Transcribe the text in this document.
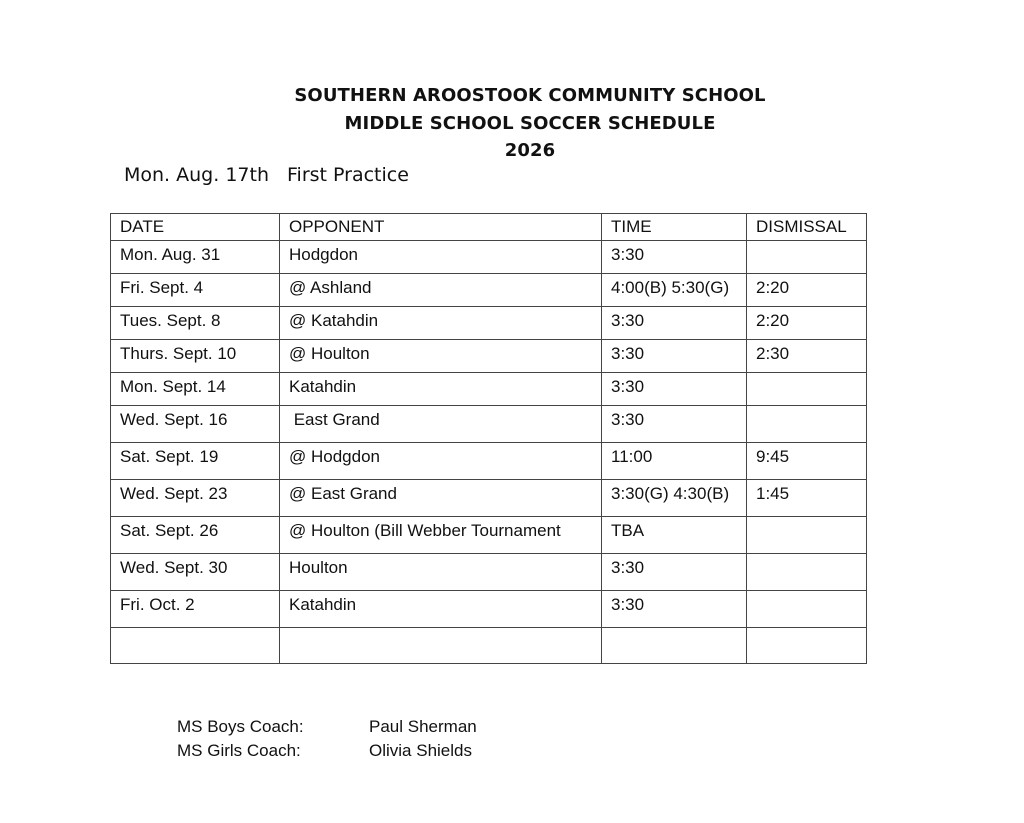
SOUTHERN AROOSTOOK COMMUNITY SCHOOL
MIDDLE SCHOOL SOCCER SCHEDULE
2026
Mon. Aug. 17th First Practice
DATE	OPPONENT	TIME	DISMISSAL
Mon. Aug. 31	Hodgdon	3:30	
Fri. Sept. 4	@ Ashland	4:00(B) 5:30(G)	2:20
Tues. Sept. 8	@ Katahdin	3:30	2:20
Thurs. Sept. 10	@ Houlton	3:30	2:30
Mon. Sept. 14	Katahdin	3:30	
Wed. Sept. 16	East Grand	3:30	
Sat. Sept. 19	@ Hodgdon	11:00	9:45
Wed. Sept. 23	@ East Grand	3:30(G) 4:30(B)	1:45
Sat. Sept. 26	@ Houlton (Bill Webber Tournament	TBA	
Wed. Sept. 30	Houlton	3:30	
Fri. Oct. 2	Katahdin	3:30	

MS Boys Coach:	Paul Sherman
MS Girls Coach:	Olivia Shields
